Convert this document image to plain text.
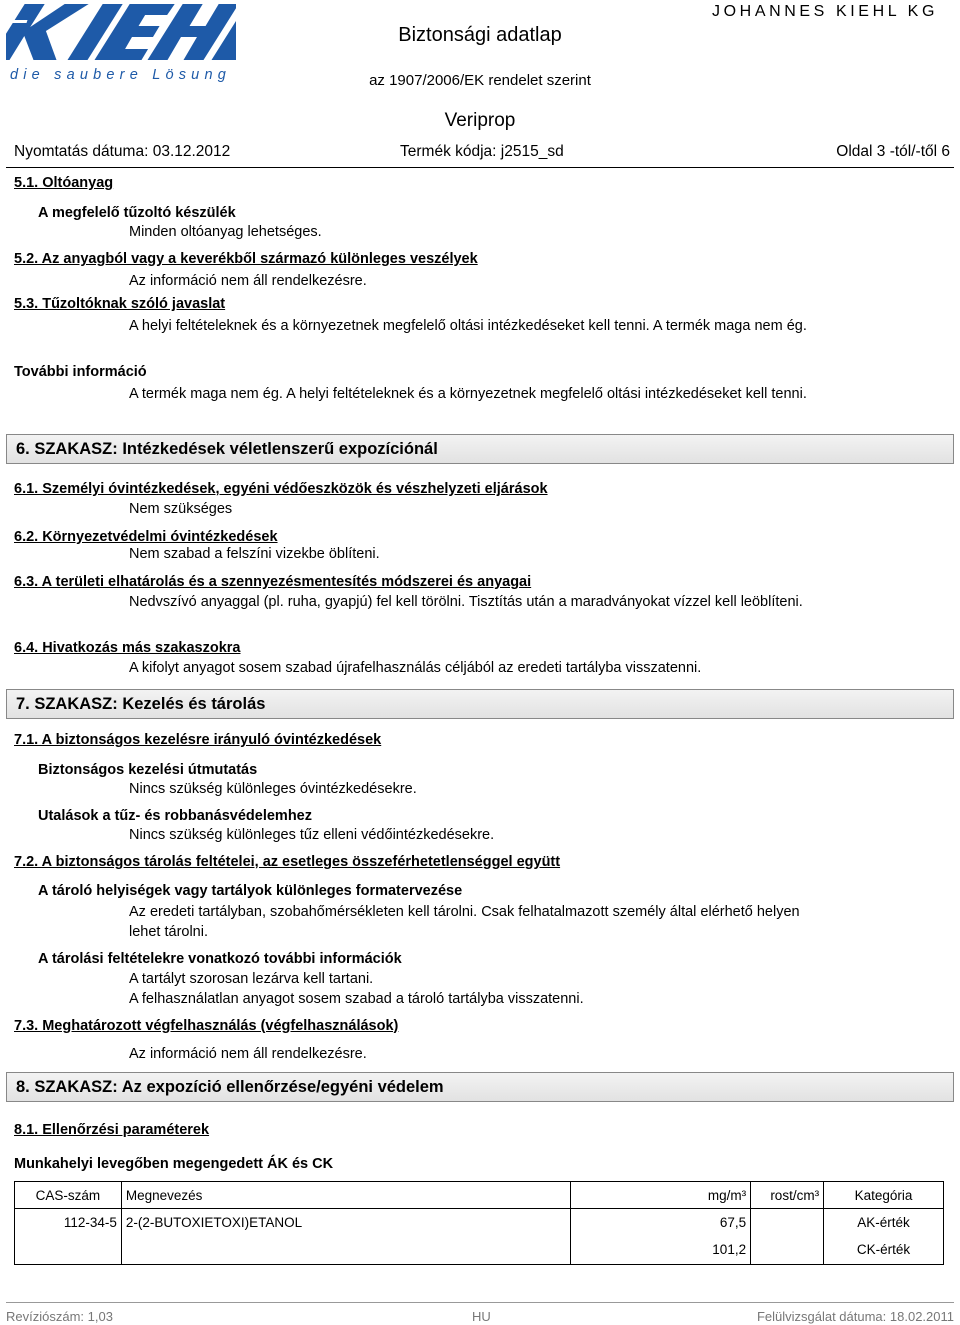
die saubere Lösung
Biztonsági adatlap
JOHANNES KIEHL KG
az 1907/2006/EK rendelet szerint
Veriprop
Nyomtatás dátuma: 03.12.2012	Termék kódja: j2515_sd	Oldal 3 -tól/-től 6
5.1. Oltóanyag
A megfelelő tűzoltó készülék
Minden oltóanyag lehetséges.
5.2. Az anyagból vagy a keverékből származó különleges veszélyek
Az információ nem áll rendelkezésre.
5.3. Tűzoltóknak szóló javaslat
A helyi feltételeknek és a környezetnek megfelelő oltási intézkedéseket kell tenni. A termék maga nem ég.
További információ
A termék maga nem ég. A helyi feltételeknek és a környezetnek megfelelő oltási intézkedéseket kell tenni.
6. SZAKASZ: Intézkedések véletlenszerű expozíciónál
6.1. Személyi óvintézkedések, egyéni védőeszközök és vészhelyzeti eljárások
Nem szükséges
6.2. Környezetvédelmi óvintézkedések
Nem szabad a felszíni vizekbe öblíteni.
6.3. A területi elhatárolás és a szennyezésmentesítés módszerei és anyagai
Nedvszívó anyaggal (pl. ruha, gyapjú) fel kell törölni. Tisztítás után a maradványokat vízzel kell leöblíteni.
6.4. Hivatkozás más szakaszokra
A kifolyt anyagot sosem szabad újrafelhasználás céljából az eredeti tartályba visszatenni.
7. SZAKASZ: Kezelés és tárolás
7.1. A biztonságos kezelésre irányuló óvintézkedések
Biztonságos kezelési útmutatás
Nincs szükség különleges óvintézkedésekre.
Utalások a tűz- és robbanásvédelemhez
Nincs szükség különleges tűz elleni védőintézkedésekre.
7.2. A biztonságos tárolás feltételei, az esetleges összeférhetetlenséggel együtt
A tároló helyiségek vagy tartályok különleges formatervezése
Az eredeti tartályban, szobahőmérsékleten kell tárolni. Csak felhatalmazott személy által elérhető helyen lehet tárolni.
A tárolási feltételekre vonatkozó további információk
A tartályt szorosan lezárva kell tartani.
A felhasználatlan anyagot sosem szabad a tároló tartályba visszatenni.
7.3. Meghatározott végfelhasználás (végfelhasználások)
Az információ nem áll rendelkezésre.
8. SZAKASZ: Az expozíció ellenőrzése/egyéni védelem
8.1. Ellenőrzési paraméterek
Munkahelyi levegőben megengedett ÁK és CK
CAS-szám	Megnevezés	mg/m³	rost/cm³	Kategória
112-34-5	2-(2-BUTOXIETOXI)ETANOL	67,5		AK-érték
		101,2		CK-érték
Revíziószám: 1,03	HU	Felülvizsgálat dátuma: 18.02.2011
